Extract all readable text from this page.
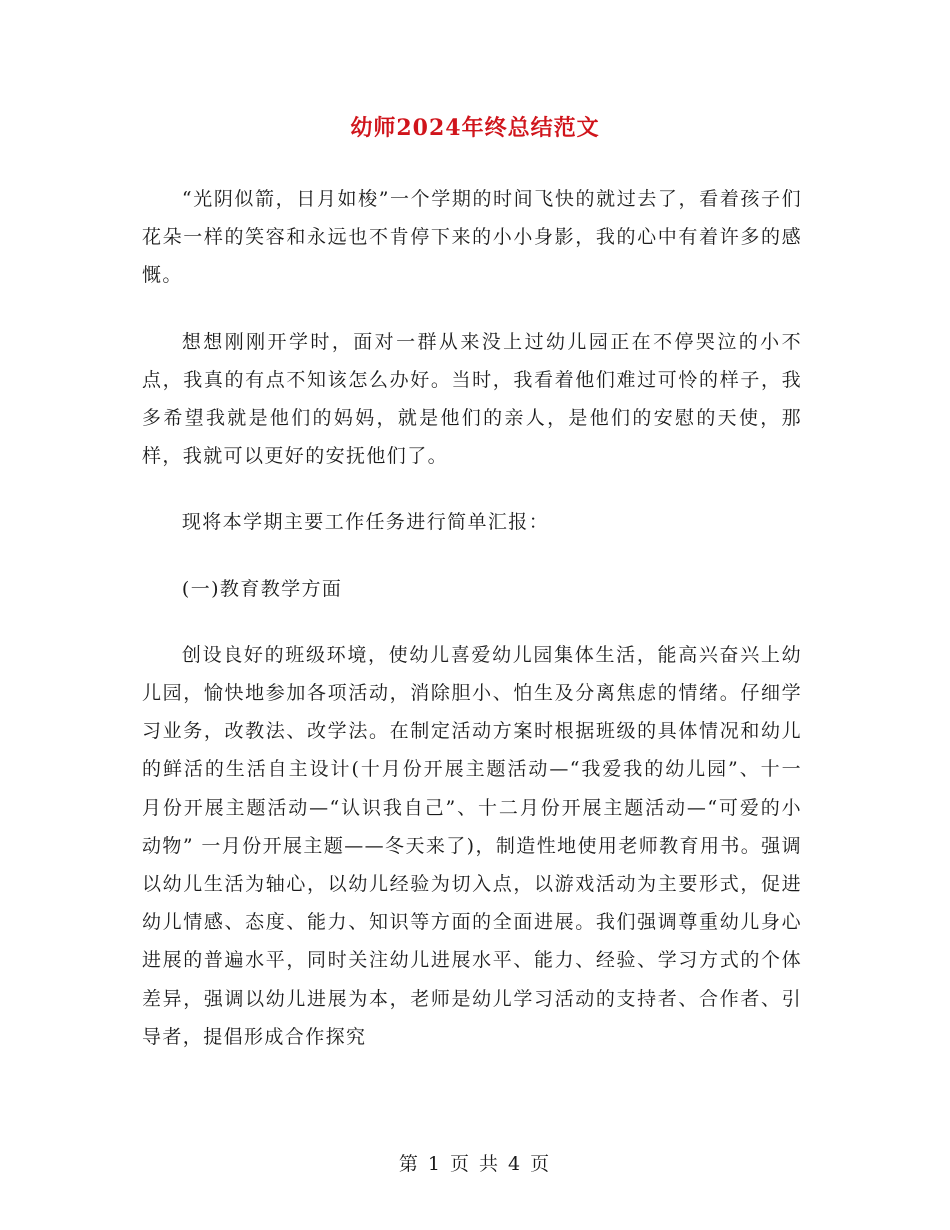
幼师2024年终总结范文

“光阴似箭，日月如梭”一个学期的时间飞快的就过去了，看着孩子们花朵一样的笑容和永远也不肯停下来的小小身影，我的心中有着许多的感慨。

想想刚刚开学时，面对一群从来没上过幼儿园正在不停哭泣的小不点，我真的有点不知该怎么办好。当时，我看着他们难过可怜的样子，我多希望我就是他们的妈妈，就是他们的亲人，是他们的安慰的天使，那样，我就可以更好的安抚他们了。

现将本学期主要工作任务进行简单汇报：

(一)教育教学方面

创设良好的班级环境，使幼儿喜爱幼儿园集体生活，能高兴奋兴上幼儿园，愉快地参加各项活动，消除胆小、怕生及分离焦虑的情绪。仔细学习业务，改教法、改学法。在制定活动方案时根据班级的具体情况和幼儿的鲜活的生活自主设计(十月份开展主题活动—“我爱我的幼儿园”、十一月份开展主题活动—“认识我自己”、十二月份开展主题活动—“可爱的小动物” 一月份开展主题——冬天来了)，制造性地使用老师教育用书。强调以幼儿生活为轴心，以幼儿经验为切入点，以游戏活动为主要形式，促进幼儿情感、态度、能力、知识等方面的全面进展。我们强调尊重幼儿身心进展的普遍水平，同时关注幼儿进展水平、能力、经验、学习方式的个体差异，强调以幼儿进展为本，老师是幼儿学习活动的支持者、合作者、引导者，提倡形成合作探究

第 1 页 共 4 页
